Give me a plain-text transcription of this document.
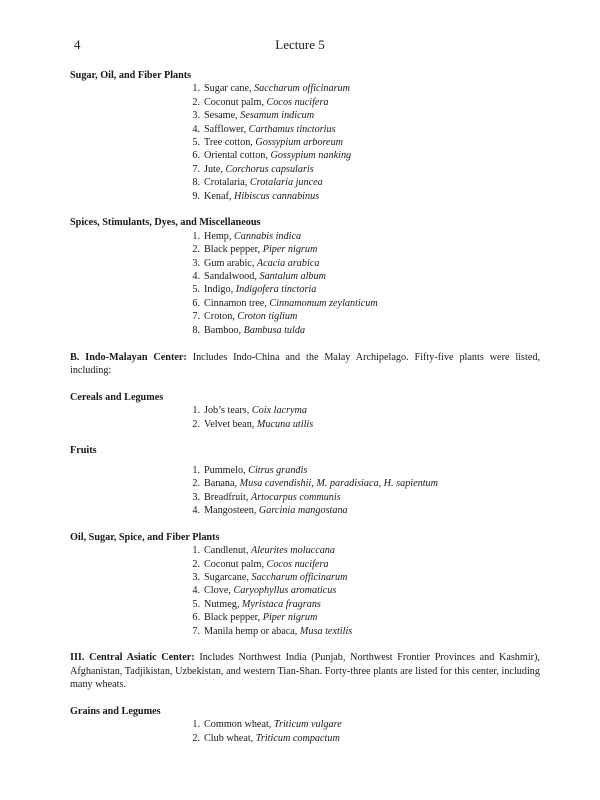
4	Lecture 5

Sugar, Oil, and Fiber Plants

1. Sugar cane,
Saccharum officinarum
2. Coconut palm,
Cocos nucifera
3. Sesame,
Sesamum indicum
4. Safflower,
Carthamus tinctorius
5. Tree cotton,
Gossypium arboreum
6. Oriental cotton,
Gossypium nanking
7. Jute,
Corchorus capsularis
8. Crotalaria,
Crotalaria juncea
9. Kenaf,
Hibiscus cannabinus

Spices, Stimulants, Dyes, and Miscellaneous

1. Hemp,
Cannabis indica
2. Black pepper,
Piper nigrum
3. Gum arabic,
Acacia arabica
4. Sandalwood,
Santalum album
5. Indigo,
Indigofera tinctoria
6. Cinnamon tree,
Cinnamomum zeylanticum
7. Croton,
Croton tiglium
8. Bamboo,
Bambusa tulda

B. Indo-Malayan Center: Includes Indo-China and the Malay Archipelago. Fifty-five plants were listed, including:

Cereals and Legumes

1. Job’s tears,
Coix lacryma
2. Velvet bean,
Mucuna utilis

Fruits

1. Pummelo,
Citrus grandis
2. Banana,
Musa cavendishii, M. paradisiaca, H. sapientum
3. Breadfruit,
Artocarpus communis
4. Mangosteen,
Garcinia mangostana

Oil, Sugar, Spice, and Fiber Plants

1. Candlenut,
Aleurites moluccana
2. Coconut palm,
Cocos nucifera
3. Sugarcane,
Saccharum officinarum
4. Clove,
Caryophyllus aromaticus
5. Nutmeg,
Myristaca fragrans
6. Black pepper,
Piper nigrum
7. Manila hemp or abaca,
Musa textilis

III. Central Asiatic Center: Includes Northwest India (Punjab, Northwest Frontier Provinces and Kashmir), Afghanistan, Tadjikistan, Uzbekistan, and western Tian-Shan. Forty-three plants are listed for this center, including many wheats.

Grains and Legumes

1. Common wheat,
Triticum vulgare
2. Club wheat,
Triticum compactum
